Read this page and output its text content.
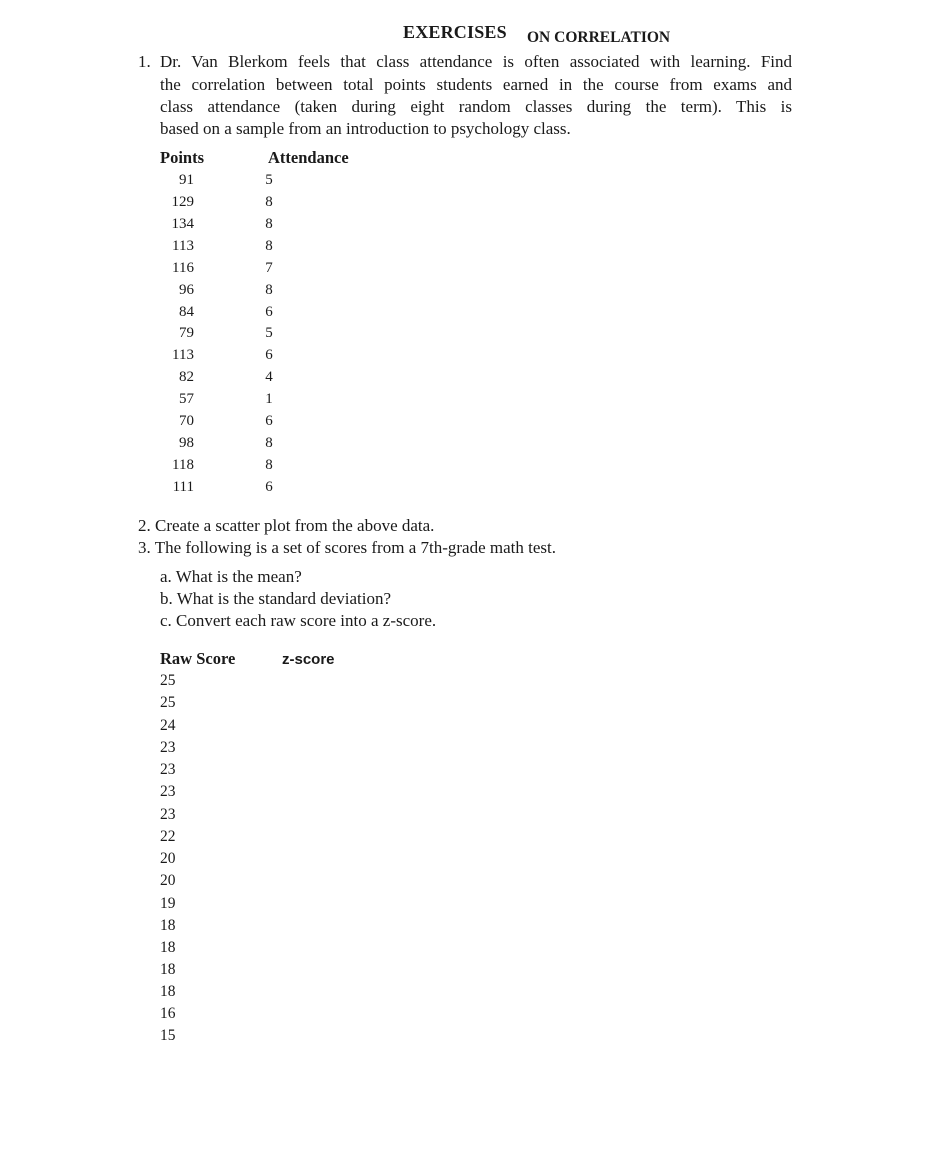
EXERCISES ON CORRELATION
1. Dr. Van Blerkom feels that class attendance is often associated with learning. Find
the correlation between total points students earned in the course from exams and
class attendance (taken during eight random classes during the term). This is
based on a sample from an introduction to psychology class.
Points	Attendance
91
129
134
113
116
96
84
79
113
82
57
70
98
118
111
5
8
8
8
7
8
6
5
6
4
1
6
8
8
6
2. Create a scatter plot from the above data.
3. The following is a set of scores from a 7th-grade math test.
a. What is the mean?
b. What is the standard deviation?
c. Convert each raw score into a z-score.
Raw Score	z-score
25
25
24
23
23
23
23
22
20
20
19
18
18
18
18
16
15
